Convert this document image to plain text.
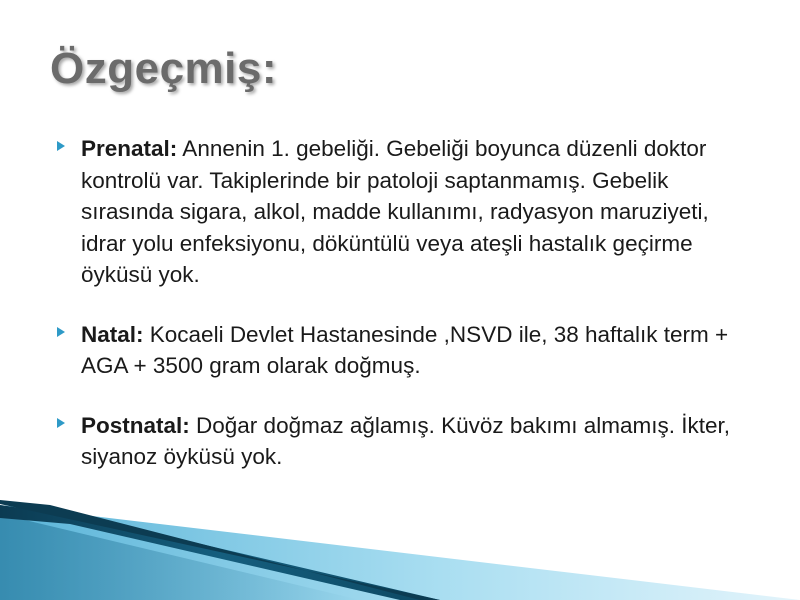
Özgeçmiş:
Prenatal: Annenin 1. gebeliği. Gebeliği boyunca düzenli doktor kontrolü var. Takiplerinde bir patoloji saptanmamış. Gebelik sırasında sigara, alkol, madde kullanımı, radyasyon maruziyeti, idrar yolu enfeksiyonu, döküntülü veya ateşli hastalık geçirme öyküsü yok.
Natal: Kocaeli Devlet Hastanesinde ,NSVD ile, 38 haftalık term + AGA + 3500 gram olarak doğmuş.
Postnatal: Doğar doğmaz ağlamış. Küvöz bakımı almamış. İkter, siyanoz öyküsü yok.
